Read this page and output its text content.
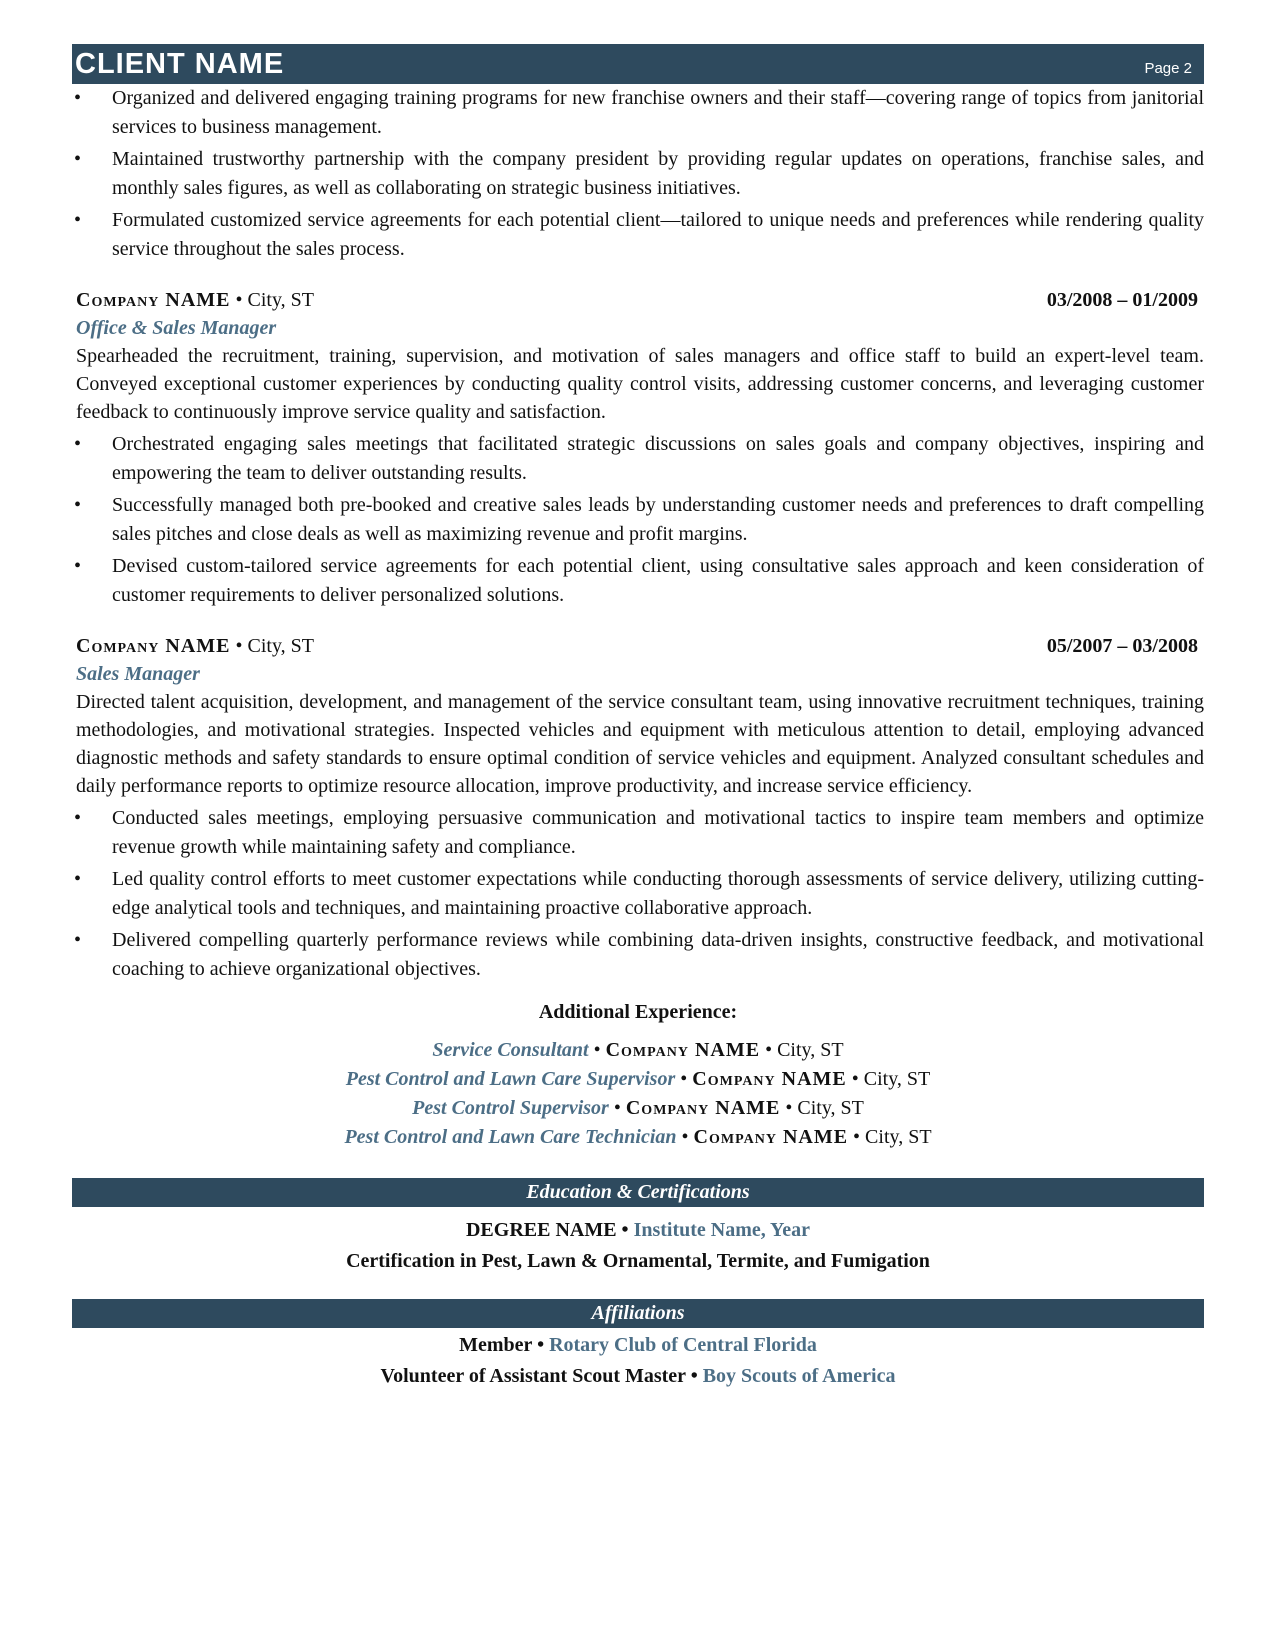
CLIENT NAME	Page 2
• Organized and delivered engaging training programs for new franchise owners and their staff—covering range of topics from janitorial services to business management.
• Maintained trustworthy partnership with the company president by providing regular updates on operations, franchise sales, and monthly sales figures, as well as collaborating on strategic business initiatives.
• Formulated customized service agreements for each potential client—tailored to unique needs and preferences while rendering quality service throughout the sales process.
Company NAME • City, ST	03/2008 – 01/2009
Office & Sales Manager
Spearheaded the recruitment, training, supervision, and motivation of sales managers and office staff to build an expert-level team. Conveyed exceptional customer experiences by conducting quality control visits, addressing customer concerns, and leveraging customer feedback to continuously improve service quality and satisfaction.
• Orchestrated engaging sales meetings that facilitated strategic discussions on sales goals and company objectives, inspiring and empowering the team to deliver outstanding results.
• Successfully managed both pre-booked and creative sales leads by understanding customer needs and preferences to draft compelling sales pitches and close deals as well as maximizing revenue and profit margins.
• Devised custom-tailored service agreements for each potential client, using consultative sales approach and keen consideration of customer requirements to deliver personalized solutions.
Company NAME • City, ST	05/2007 – 03/2008
Sales Manager
Directed talent acquisition, development, and management of the service consultant team, using innovative recruitment techniques, training methodologies, and motivational strategies. Inspected vehicles and equipment with meticulous attention to detail, employing advanced diagnostic methods and safety standards to ensure optimal condition of service vehicles and equipment. Analyzed consultant schedules and daily performance reports to optimize resource allocation, improve productivity, and increase service efficiency.
• Conducted sales meetings, employing persuasive communication and motivational tactics to inspire team members and optimize revenue growth while maintaining safety and compliance.
• Led quality control efforts to meet customer expectations while conducting thorough assessments of service delivery, utilizing cutting-edge analytical tools and techniques, and maintaining proactive collaborative approach.
• Delivered compelling quarterly performance reviews while combining data-driven insights, constructive feedback, and motivational coaching to achieve organizational objectives.
Additional Experience:
Service Consultant • Company NAME • City, ST
Pest Control and Lawn Care Supervisor • Company NAME • City, ST
Pest Control Supervisor • Company NAME • City, ST
Pest Control and Lawn Care Technician • Company NAME • City, ST
Education & Certifications
DEGREE NAME • Institute Name, Year
Certification in Pest, Lawn & Ornamental, Termite, and Fumigation
Affiliations
Member • Rotary Club of Central Florida
Volunteer of Assistant Scout Master • Boy Scouts of America
